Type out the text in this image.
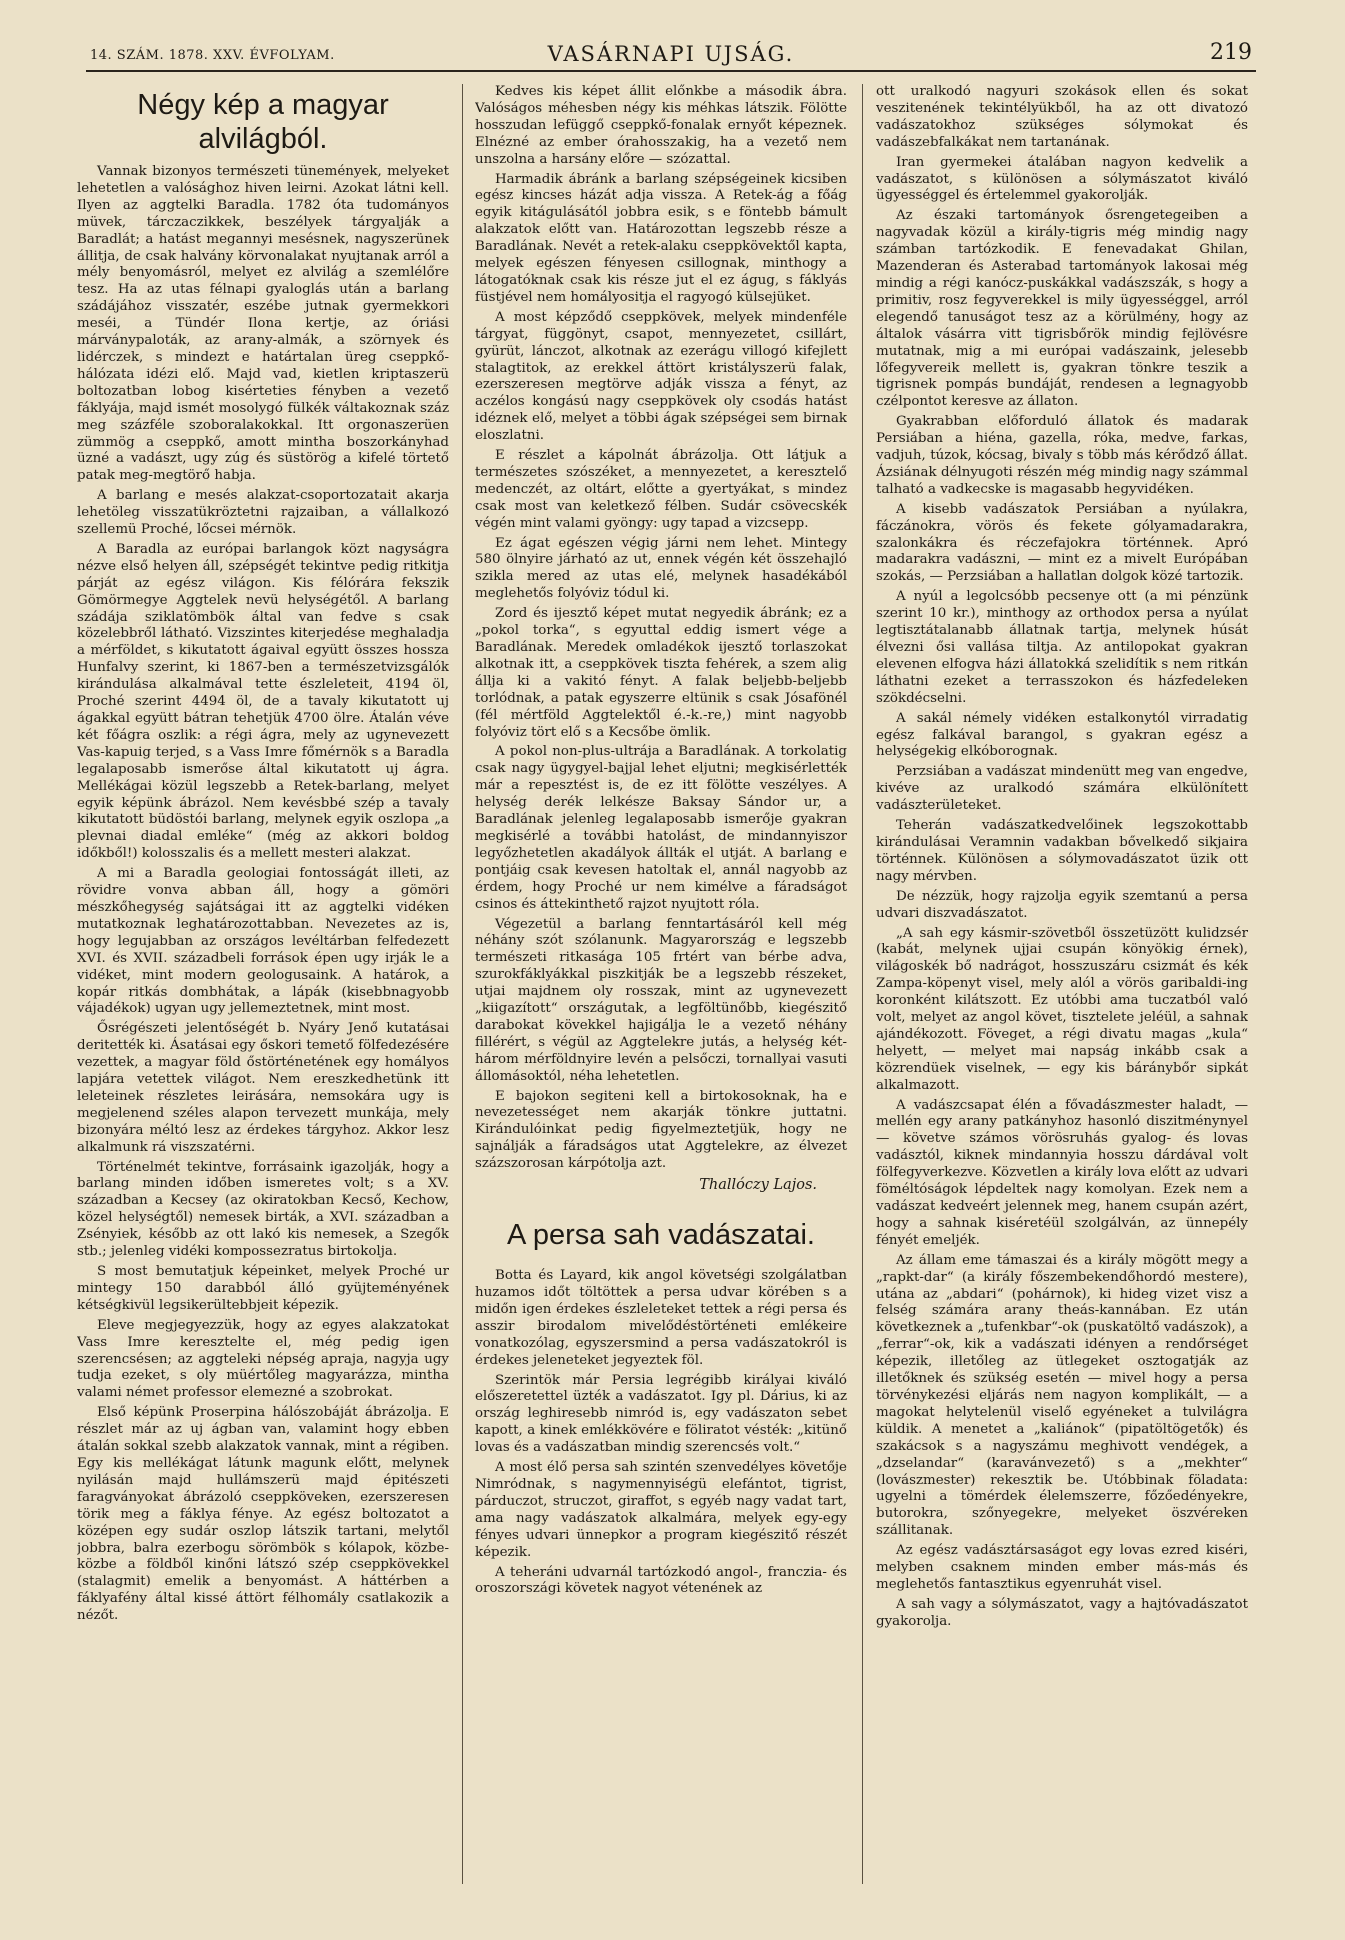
14. SZÁM. 1878. XXV. ÉVFOLYAM.	VASÁRNAPI UJSÁG.	219
Négy kép a magyar alvilágból.

Vannak bizonyos természeti tünemények, melyeket lehetetlen a valósághoz hiven leirni. Azokat látni kell. Ilyen az aggtelki Baradla. 1782 óta tudományos müvek, tárczaczikkek, beszélyek tárgyalják a Baradlát; a hatást megannyi mesésnek, nagyszerünek állitja, de csak halvány körvonalakat nyujtanak arról a mély benyomásról, melyet ez alvilág a szemlélőre tesz. Ha az utas félnapi gyaloglás után a barlang szádájához visszatér, eszébe jutnak gyermekkori meséi, a Tündér Ilona kertje, az óriási márványpaloták, az arany-almák, a szörnyek és lidérczek, s mindezt e határtalan üreg cseppkő-hálózata idézi elő. Majd vad, kietlen kriptaszerü boltozatban lobog kisérteties fényben a vezető fáklyája, majd ismét mosolygó fülkék váltakoznak száz meg százféle szoboralakokkal. Itt orgonaszerüen zümmög a cseppkő, amott mintha boszorkányhad üzné a vadászt, ugy zúg és süstörög a kifelé törtető patak meg-megtörő habja.

A barlang e mesés alakzat-csoportozatait akarja lehetöleg visszatükröztetni rajzaiban, a vállalkozó szellemü Proché, lőcsei mérnök.

A Baradla az európai barlangok közt nagyságra nézve első helyen áll, szépségét tekintve pedig ritkitja párját az egész világon. Kis félórára fekszik Gömörmegye Aggtelek nevü helységétől. A barlang szádája sziklatömbök által van fedve s csak közelebbről látható. Vizszintes kiterjedése meghaladja a mérföldet, s kikutatott ágaival együtt összes hossza Hunfalvy szerint, ki 1867-ben a természetvizsgálók kirándulása alkalmával tette észleleteit, 4194 öl, Proché szerint 4494 öl, de a tavaly kikutatott uj ágakkal együtt bátran tehetjük 4700 ölre. Átalán véve két főágra oszlik: a régi ágra, mely az ugynevezett Vas-kapuig terjed, s a Vass Imre főmérnök s a Baradla legalaposabb ismerőse által kikutatott uj ágra. Mellékágai közül legszebb a Retek-barlang, melyet egyik képünk ábrázol. Nem kevésbbé szép a tavaly kikutatott büdöstói barlang, melynek egyik oszlopa „a plevnai diadal emléke“ (még az akkori boldog időkből!) kolosszalis és a mellett mesteri alakzat.

A mi a Baradla geologiai fontosságát illeti, az rövidre vonva abban áll, hogy a gömöri mészkőhegység sajátságai itt az aggtelki vidéken mutatkoznak leghatározottabban. Nevezetes az is, hogy legujabban az országos levéltárban felfedezett XVI. és XVII. századbeli források épen ugy irják le a vidéket, mint modern geologusaink. A határok, a kopár ritkás dombhátak, a lápák (kisebbnagyobb vájadékok) ugyan ugy jellemeztetnek, mint most.

Ősrégészeti jelentőségét b. Nyáry Jenő kutatásai deritették ki. Ásatásai egy őskori temető fölfedezésére vezettek, a magyar föld őstörténetének egy homályos lapjára vetettek világot. Nem ereszkedhetünk itt leleteinek részletes leirására, nemsokára ugy is megjelenend széles alapon tervezett munkája, mely bizonyára méltó lesz az érdekes tárgyhoz. Akkor lesz alkalmunk rá viszszatérni.

Történelmét tekintve, forrásaink igazolják, hogy a barlang minden időben ismeretes volt; s a XV. században a Kecsey (az okiratokban Kecső, Kechow, közel helységtől) nemesek birták, a XVI. században a Zsényiek, később az ott lakó kis nemesek, a Szegők stb.; jelenleg vidéki kompossezratus birtokolja.

S most bemutatjuk képeinket, melyek Proché ur mintegy 150 darabból álló gyüjteményének kétségkivül legsikerültebbjeit képezik.

Eleve megjegyezzük, hogy az egyes alakzatokat Vass Imre keresztelte el, még pedig igen szerencsésen; az aggteleki népség apraja, nagyja ugy tudja ezeket, s oly müértőleg magyarázza, mintha valami német professor elemezné a szobrokat.

Első képünk Proserpina hálószobáját ábrázolja. E részlet már az uj ágban van, valamint hogy ebben átalán sokkal szebb alakzatok vannak, mint a régiben. Egy kis mellékágat látunk magunk előtt, melynek nyilásán majd hullámszerü majd épitészeti faragványokat ábrázoló cseppköveken, ezerszeresen törik meg a fáklya fénye. Az egész boltozatot a középen egy sudár oszlop látszik tartani, melytől jobbra, balra ezerbogu sörömbök s kólapok, közbe-közbe a földből kinőni látszó szép cseppkövekkel (stalagmit) emelik a benyomást. A háttérben a fáklyafény által kissé áttört félhomály csatlakozik a nézőt.

Kedves kis képet állit előnkbe a második ábra. Valóságos méhesben négy kis méhkas látszik. Fölötte hosszudan lefüggő cseppkő-fonalak ernyőt képeznek. Elnézné az ember órahosszakig, ha a vezető nem unszolna a harsány előre — szózattal.

Harmadik ábránk a barlang szépségeinek kicsiben egész kincses házát adja vissza. A Retek-ág a főág egyik kitágulásától jobbra esik, s e föntebb bámult alakzatok előtt van. Határozottan legszebb része a Baradlának. Nevét a retek-alaku cseppkövektől kapta, melyek egészen fényesen csillognak, minthogy a látogatóknak csak kis része jut el ez águg, s fáklyás füstjével nem homályositja el ragyogó külsejüket.

A most képződő cseppkövek, melyek mindenféle tárgyat, függönyt, csapot, mennyezetet, csillárt, gyürüt, lánczot, alkotnak az ezerágu villogó kifejlett stalagtitok, az erekkel áttört kristályszerü falak, ezerszeresen megtörve adják vissza a fényt, az aczélos kongású nagy cseppkövek oly csodás hatást idéznek elő, melyet a többi ágak szépségei sem birnak eloszlatni.

E részlet a kápolnát ábrázolja. Ott látjuk a természetes szószéket, a mennyezetet, a keresztelő medenczét, az oltárt, előtte a gyertyákat, s mindez csak most van keletkező félben. Sudár csövecskék végén mint valami gyöngy: ugy tapad a vizcsepp.

Ez ágat egészen végig járni nem lehet. Mintegy 580 ölnyire járható az ut, ennek végén két összehajló szikla mered az utas elé, melynek hasadékából meglehetős folyóviz tódul ki.

Zord és ijesztő képet mutat negyedik ábránk; ez a „pokol torka“, s egyuttal eddig ismert vége a Baradlának. Meredek omladékok ijesztő torlaszokat alkotnak itt, a cseppkövek tiszta fehérek, a szem alig állja ki a vakitó fényt. A falak beljebb-beljebb torlódnak, a patak egyszerre eltünik s csak Jósafönél (fél mértföld Aggtelektől é.-k.-re,) mint nagyobb folyóviz tört elő s a Kecsőbe ömlik.

A pokol non-plus-ultrája a Baradlának. A torkolatig csak nagy ügygyel-bajjal lehet eljutni; megkisérlették már a repesztést is, de ez itt fölötte veszélyes. A helység derék lelkésze Baksay Sándor ur, a Baradlának jelenleg legalaposabb ismerője gyakran megkisérlé a további hatolást, de mindannyiszor legyőzhetetlen akadályok állták el utját. A barlang e pontjáig csak kevesen hatoltak el, annál nagyobb az érdem, hogy Proché ur nem kimélve a fáradságot csinos és áttekinthető rajzot nyujtott róla.

Végezetül a barlang fenntartásáról kell még néhány szót szólanunk. Magyarország e legszebb természeti ritkasága 105 frtért van bérbe adva, szurokfáklyákkal piszkitják be a legszebb részeket, utjai majdnem oly rosszak, mint az ugynevezett „kiigazított“ országutak, a legföltünőbb, kiegészitő darabokat kövekkel hajigálja le a vezető néhány fillérért, s végül az Aggtelekre jutás, a helység két-három mérföldnyire levén a pelsőczi, tornallyai vasuti állomásoktól, néha lehetetlen.

E bajokon segiteni kell a birtokosoknak, ha e nevezetességet nem akarják tönkre juttatni. Kirándulóinkat pedig figyelmeztetjük, hogy ne sajnálják a fáradságos utat Aggtelekre, az élvezet százszorosan kárpótolja azt.

Thallóczy Lajos.
A persa sah vadászatai.

Botta és Layard, kik angol követségi szolgálatban huzamos időt töltöttek a persa udvar körében s a midőn igen érdekes észleleteket tettek a régi persa és asszir birodalom mivelődéstörténeti emlékeire vonatkozólag, egyszersmind a persa vadászatokról is érdekes jeleneteket jegyeztek föl.

Szerintök már Persia legrégibb királyai kiváló előszeretettel üzték a vadászatot. Igy pl. Dárius, ki az ország leghiresebb nimród is, egy vadászaton sebet kapott, a kinek emlékkövére e föliratot vésték: „kitünő lovas és a vadászatban mindig szerencsés volt.“

A most élő persa sah szintén szenvedélyes követője Nimródnak, s nagymennyiségü elefántot, tigrist, párduczot, struczot, giraffot, s egyéb nagy vadat tart, ama nagy vadászatok alkalmára, melyek egy-egy fényes udvari ünnepkor a program kiegészitő részét képezik.

A teheráni udvarnál tartózkodó angol-, franczia- és oroszországi követek nagyot vétenének az

ott uralkodó nagyuri szokások ellen és sokat veszitenének tekintélyükből, ha az ott divatozó vadászatokhoz szükséges sólymokat és vadászebfalkákat nem tartanának.

Iran gyermekei átalában nagyon kedvelik a vadászatot, s különösen a sólymászatot kiváló ügyességgel és értelemmel gyakorolják.

Az északi tartományok ősrengetegeiben a nagyvadak közül a király-tigris még mindig nagy számban tartózkodik. E fenevadakat Ghilan, Mazenderan és Asterabad tartományok lakosai még mindig a régi kanócz-puskákkal vadászszák, s hogy a primitiv, rosz fegyverekkel is mily ügyességgel, arról elegendő tanuságot tesz az a körülmény, hogy az általok vásárra vitt tigrisbőrök mindig fejlövésre mutatnak, mig a mi európai vadászaink, jelesebb lőfegyvereik mellett is, gyakran tönkre teszik a tigrisnek pompás bundáját, rendesen a legnagyobb czélpontot keresve az állaton.

Gyakrabban előforduló állatok és madarak Persiában a hiéna, gazella, róka, medve, farkas, vadjuh, túzok, kócsag, bivaly s több más kérődző állat. Ázsiának délnyugoti részén még mindig nagy számmal talható a vadkecske is magasabb hegyvidéken.

A kisebb vadászatok Persiában a nyúlakra, fáczánokra, vörös és fekete gólyamadarakra, szalonkákra és réczefajokra történnek. Apró madarakra vadászni, — mint ez a mivelt Európában szokás, — Perzsiában a hallatlan dolgok közé tartozik.

A nyúl a legolcsóbb pecsenye ott (a mi pénzünk szerint 10 kr.), minthogy az orthodox persa a nyúlat legtisztátalanabb állatnak tartja, melynek húsát élvezni ősi vallása tiltja. Az antilopokat gyakran elevenen elfogva házi állatokká szelidítik s nem ritkán láthatni ezeket a terrasszokon és házfedeleken szökdécselni.

A sakál némely vidéken estalkonytól virradatig egész falkával barangol, s gyakran egész a helységekig elkóborognak.

Perzsiában a vadászat mindenütt meg van engedve, kivéve az uralkodó számára elkülönített vadászterületeket.

Teherán vadászatkedvelőinek legszokottabb kirándulásai Veramnin vadakban bővelkedő sikjaira történnek. Különösen a sólymovadászatot üzik ott nagy mérvben.

De nézzük, hogy rajzolja egyik szemtanú a persa udvari diszvadászatot.

„A sah egy kásmir-szövetből összetüzött kulidzsér (kabát, melynek ujjai csupán könyökig érnek), világoskék bő nadrágot, hosszuszáru csizmát és kék Zampa-köpenyt visel, mely alól a vörös garibaldi-ing koronként kilátszott. Ez utóbbi ama tuczatból való volt, melyet az angol követ, tisztelete jeléül, a sahnak ajándékozott. Föveget, a régi divatu magas „kula“ helyett, — melyet mai napság inkább csak a közrendüek viselnek, — egy kis báránybőr sipkát alkalmazott.

A vadászcsapat élén a fővadászmester haladt, — mellén egy arany patkányhoz hasonló diszitménynyel — követve számos vörösruhás gyalog- és lovas vadásztól, kiknek mindannyia hosszu dárdával volt fölfegyverkezve. Közvetlen a király lova előtt az udvari föméltóságok lépdeltek nagy komolyan. Ezek nem a vadászat kedveért jelennek meg, hanem csupán azért, hogy a sahnak kiséretéül szolgálván, az ünnepély fényét emeljék.

Az állam eme támaszai és a király mögött megy a „rapkt-dar“ (a király főszembekendőhordó mestere), utána az „abdari“ (pohárnok), ki hideg vizet visz a felség számára arany theás-kannában. Ez után következnek a „tufenkbar“-ok (puskatöltő vadászok), a „ferrar“-ok, kik a vadászati idényen a rendőrséget képezik, illetőleg az ütlegeket osztogatják az illetőknek és szükség esetén — mivel hogy a persa törvénykezési eljárás nem nagyon komplikált, — a magokat helytelenül viselő egyéneket a tulvilágra küldik. A menetet a „kaliánok“ (pipatöltögetők) és szakácsok s a nagyszámu meghivott vendégek, a „dzselandar“ (karavánvezető) s a „mekhter“ (lovászmester) rekesztik be. Utóbbinak föladata: ugyelni a tömérdek élelemszerre, főzőedényekre, butorokra, szőnyegekre, melyeket öszvéreken szállitanak.

Az egész vadásztársaságot egy lovas ezred kiséri, melyben csaknem minden ember más-más és meglehetős fantasztikus egyenruhát visel.

A sah vagy a sólymászatot, vagy a hajtóvadászatot gyakorolja.
